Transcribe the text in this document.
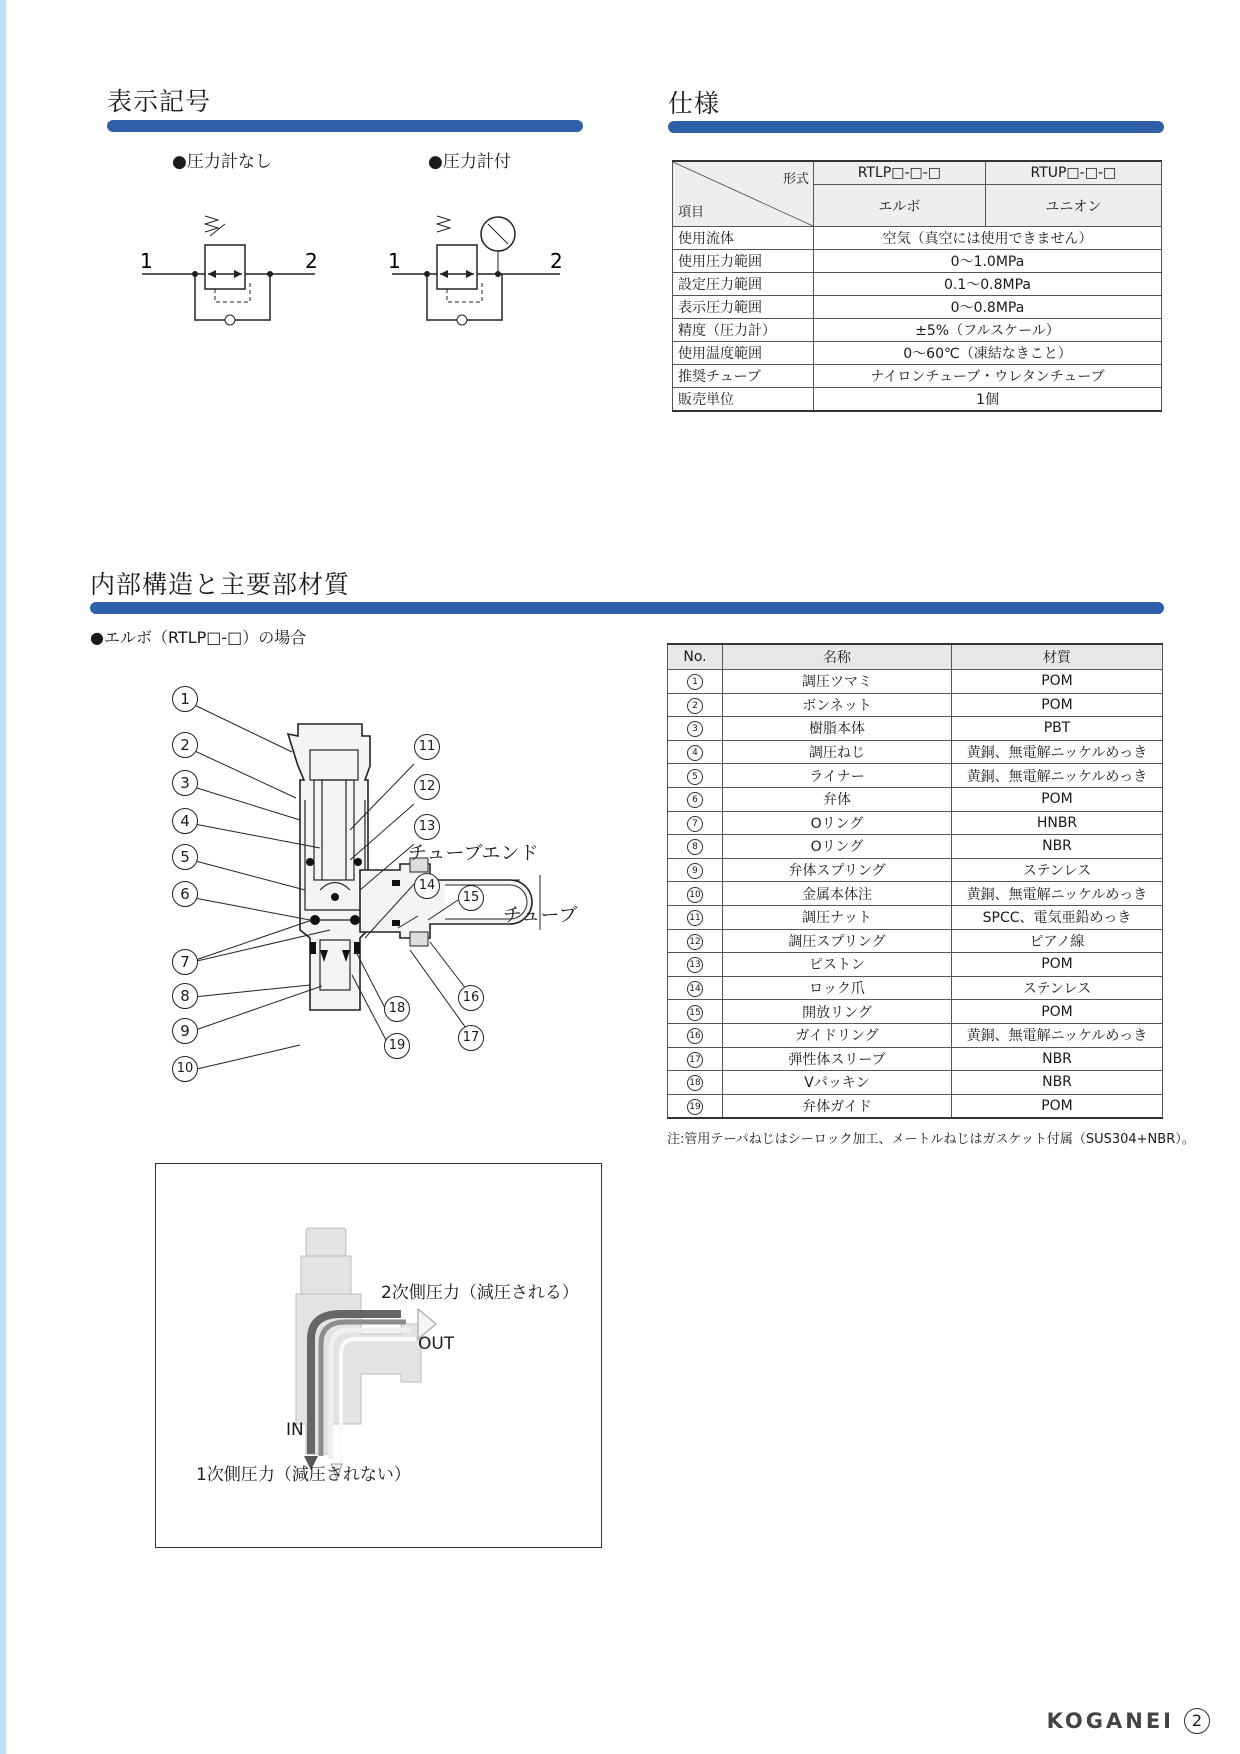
表示記号
●圧力計なし	●圧力計付
1	2	1	2
仕様
形式
項目	RTLP□-□-□	RTUP□-□-□
	エルボ	ユニオン
使用流体	空気（真空には使用できません）	
使用圧力範囲	0～1.0MPa	
設定圧力範囲	0.1～0.8MPa	
表示圧力範囲	0～0.8MPa	
精度（圧力計）	±5%（フルスケール）	
使用温度範囲	0～60℃（凍結なきこと）	
推奨チューブ	ナイロンチューブ・ウレタンチューブ	
販売単位	1個	
内部構造と主要部材質
●エルボ（RTLP□-□）の場合
1
2
3
4
5
6
7
8
9
10
11
12
13
14
15
16
17
18
19
チューブエンド
チューブ
No.	名称	材質
1	調圧ツマミ	POM
2	ボンネット	POM
3	樹脂本体	PBT
4	調圧ねじ	黄銅、無電解ニッケルめっき
5	ライナー	黄銅、無電解ニッケルめっき
6	弁体	POM
7	Oリング	HNBR
8	Oリング	NBR
9	弁体スプリング	ステンレス
10	金属本体注	黄銅、無電解ニッケルめっき
11	調圧ナット	SPCC、電気亜鉛めっき
12	調圧スプリング	ピアノ線
13	ピストン	POM
14	ロック爪	ステンレス
15	開放リング	POM
16	ガイドリング	黄銅、無電解ニッケルめっき
17	弾性体スリーブ	NBR
18	Vパッキン	NBR
19	弁体ガイド	POM
注:管用テーパねじはシーロック加工、メートルねじはガスケット付属（SUS304+NBR）。
2次側圧力（減圧される）
OUT
IN
1次側圧力（減圧されない）
KOGANEI	2
